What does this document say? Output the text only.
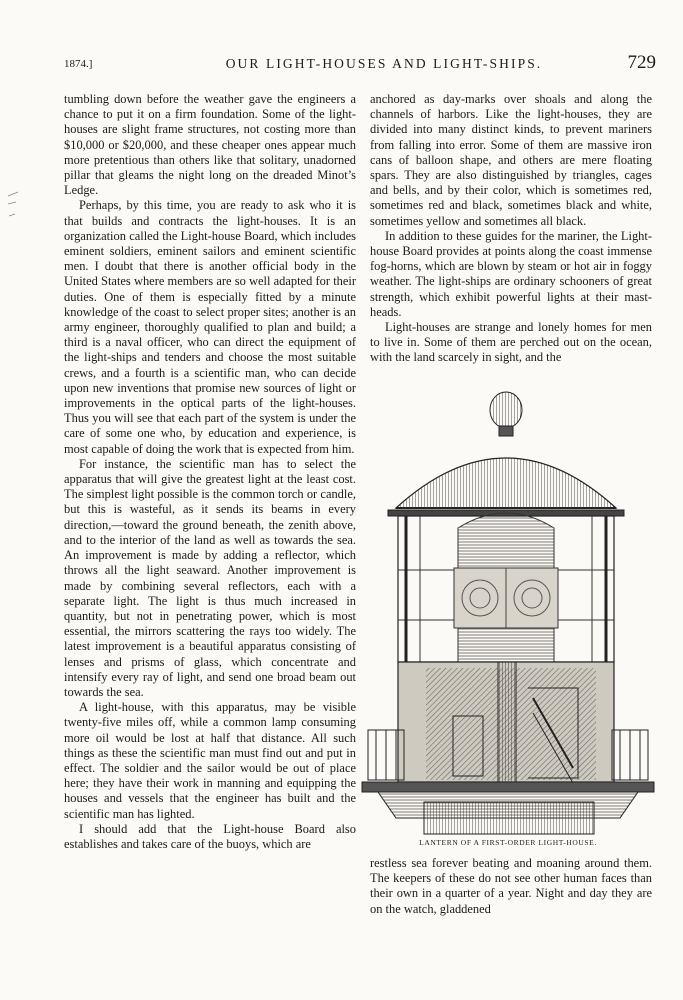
1874.]	OUR LIGHT-HOUSES AND LIGHT-SHIPS.	729

tumbling down before the weather gave the engineers a chance to put it on a firm foundation. Some of the light-houses are slight frame structures, not costing more than $10,000 or $20,000, and these cheaper ones appear much more pretentious than others like that solitary, unadorned pillar that gleams the night long on the dreaded Minot’s Ledge.

Perhaps, by this time, you are ready to ask who it is that builds and contracts the light-houses. It is an organization called the Light-house Board, which includes eminent soldiers, eminent sailors and eminent scientific men. I doubt that there is another official body in the United States where members are so well adapted for their duties. One of them is especially fitted by a minute knowledge of the coast to select proper sites; another is an army engineer, thoroughly qualified to plan and build; a third is a naval officer, who can direct the equipment of the light-ships and tenders and choose the most suitable crews, and a fourth is a scientific man, who can decide upon new inventions that promise new sources of light or improvements in the optical parts of the light-houses. Thus you will see that each part of the system is under the care of some one who, by education and experience, is most capable of doing the work that is expected from him.

For instance, the scientific man has to select the apparatus that will give the greatest light at the least cost. The simplest light possible is the common torch or candle, but this is wasteful, as it sends its beams in every direction,—toward the ground beneath, the zenith above, and to the interior of the land as well as towards the sea. An improvement is made by adding a reflector, which throws all the light seaward. Another improvement is made by combining several reflectors, each with a separate light. The light is thus much increased in quantity, but not in penetrating power, which is most essential, the mirrors scattering the rays too widely. The latest improvement is a beautiful apparatus consisting of lenses and prisms of glass, which concentrate and intensify every ray of light, and send one broad beam out towards the sea.

A light-house, with this apparatus, may be visible twenty-five miles off, while a common lamp consuming more oil would be lost at half that distance. All such things as these the scientific man must find out and put in effect. The soldier and the sailor would be out of place here; they have their work in manning and equipping the houses and vessels that the engineer has built and the scientific man has lighted.

I should add that the Light-house Board also establishes and takes care of the buoys, which are

anchored as day-marks over shoals and along the channels of harbors. Like the light-houses, they are divided into many distinct kinds, to prevent mariners from falling into error. Some of them are massive iron cans of balloon shape, and others are mere floating spars. They are also distinguished by triangles, cages and bells, and by their color, which is sometimes red, sometimes red and black, sometimes black and white, sometimes yellow and sometimes all black.

In addition to these guides for the mariner, the Light-house Board provides at points along the coast immense fog-horns, which are blown by steam or hot air in foggy weather. The light-ships are ordinary schooners of great strength, which exhibit powerful lights at their mast-heads.

Light-houses are strange and lonely homes for men to live in. Some of them are perched out on the ocean, with the land scarcely in sight, and the

LANTERN OF A FIRST-ORDER LIGHT-HOUSE.

restless sea forever beating and moaning around them. The keepers of these do not see other human faces than their own in a quarter of a year. Night and day they are on the watch, gladdened
